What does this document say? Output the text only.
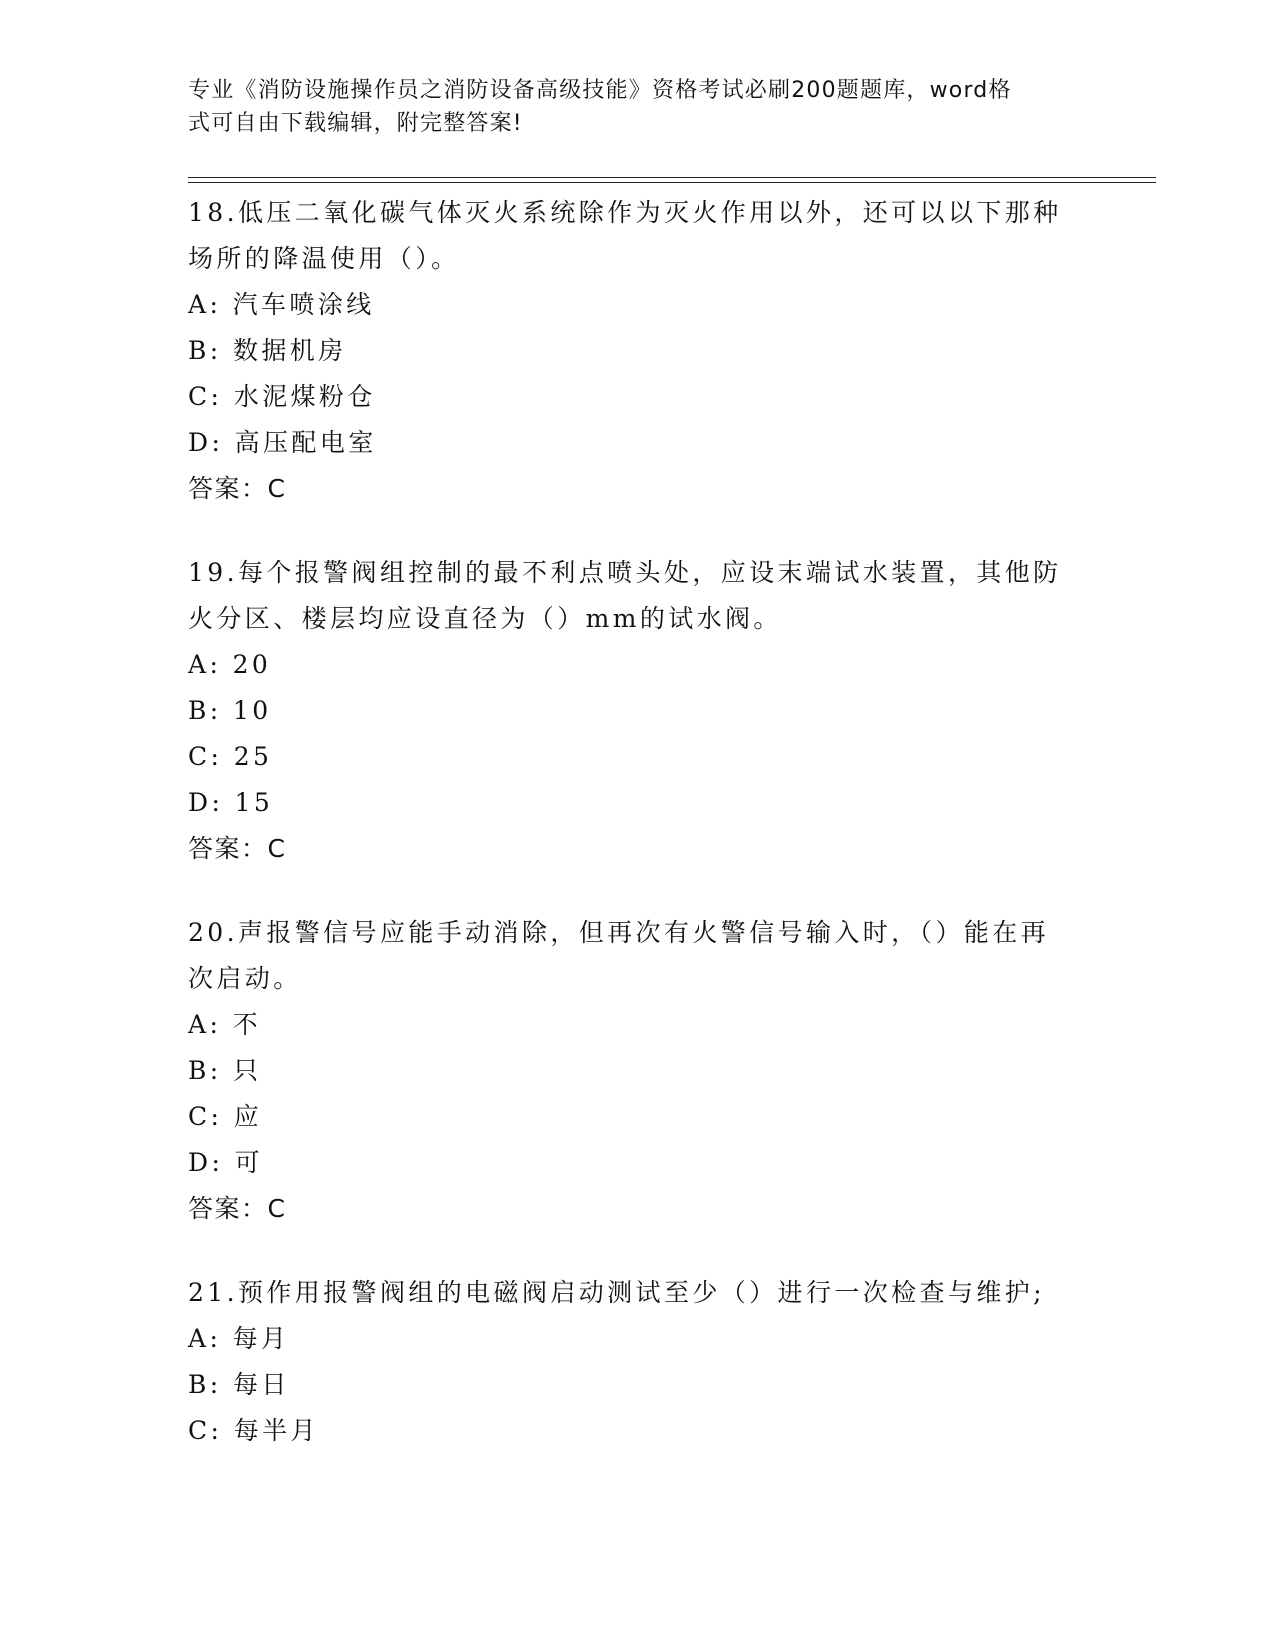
专业《消防设施操作员之消防设备高级技能》资格考试必刷200题题库，word格
式可自由下载编辑，附完整答案!
18.低压二氧化碳气体灭火系统除作为灭火作用以外，还可以以下那种
场所的降温使用（）。
A: 汽车喷涂线
B: 数据机房
C: 水泥煤粉仓
D: 高压配电室
答案：C
19.每个报警阀组控制的最不利点喷头处，应设末端试水装置，其他防
火分区、楼层均应设直径为（）mm的试水阀。
A: 20
B: 10
C: 25
D: 15
答案：C
20.声报警信号应能手动消除，但再次有火警信号输入时，（）能在再
次启动。
A: 不
B: 只
C: 应
D: 可
答案：C
21.预作用报警阀组的电磁阀启动测试至少（）进行一次检查与维护;
A: 每月
B: 每日
C: 每半月
